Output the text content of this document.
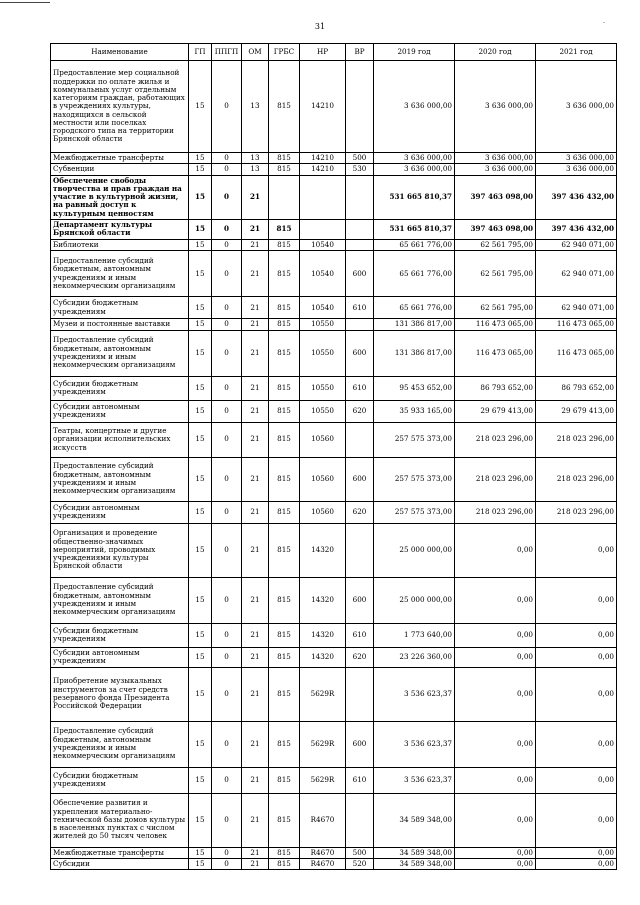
31
.
Наименование	ГП	ППГП	ОМ	ГРБС	НР	ВР	2019 год	2020 год	2021 год
Предоставление мер социальной поддержки по оплате жилья и коммунальных услуг отдельным категориям граждан, работающих в учреждениях культуры, находящихся в сельской местности или поселках городского типа на территории Брянской области	15	0	13	815	14210		3 636 000,00	3 636 000,00	3 636 000,00
Межбюджетные трансферты	15	0	13	815	14210	500	3 636 000,00	3 636 000,00	3 636 000,00
Субвенции	15	0	13	815	14210	530	3 636 000,00	3 636 000,00	3 636 000,00
Обеспечение свободы творчества и прав граждан на участие в культурной жизни, на равный доступ к культурным ценностям	15	0	21				531 665 810,37	397 463 098,00	397 436 432,00
Департамент культуры Брянской области	15	0	21	815			531 665 810,37	397 463 098,00	397 436 432,00
Библиотеки	15	0	21	815	10540		65 661 776,00	62 561 795,00	62 940 071,00
Предоставление субсидий бюджетным, автономным учреждениям и иным некоммерческим организациям	15	0	21	815	10540	600	65 661 776,00	62 561 795,00	62 940 071,00
Субсидии бюджетным учреждениям	15	0	21	815	10540	610	65 661 776,00	62 561 795,00	62 940 071,00
Музеи и постоянные выставки	15	0	21	815	10550		131 386 817,00	116 473 065,00	116 473 065,00
Предоставление субсидий бюджетным, автономным учреждениям и иным некоммерческим организациям	15	0	21	815	10550	600	131 386 817,00	116 473 065,00	116 473 065,00
Субсидии бюджетным учреждениям	15	0	21	815	10550	610	95 453 652,00	86 793 652,00	86 793 652,00
Субсидии автономным учреждениям	15	0	21	815	10550	620	35 933 165,00	29 679 413,00	29 679 413,00
Театры, концертные и другие организации исполнительских искусств	15	0	21	815	10560		257 575 373,00	218 023 296,00	218 023 296,00
Предоставление субсидий бюджетным, автономным учреждениям и иным некоммерческим организациям	15	0	21	815	10560	600	257 575 373,00	218 023 296,00	218 023 296,00
Субсидии автономным учреждениям	15	0	21	815	10560	620	257 575 373,00	218 023 296,00	218 023 296,00
Организация и проведение общественно-значимых мероприятий, проводимых учреждениями культуры Брянской области	15	0	21	815	14320		25 000 000,00	0,00	0,00
Предоставление субсидий бюджетным, автономным учреждениям и иным некоммерческим организациям	15	0	21	815	14320	600	25 000 000,00	0,00	0,00
Субсидии бюджетным учреждениям	15	0	21	815	14320	610	1 773 640,00	0,00	0,00
Субсидии автономным учреждениям	15	0	21	815	14320	620	23 226 360,00	0,00	0,00
Приобретение музыкальных инструментов за счет средств резервного фонда Президента Российской Федерации	15	0	21	815	5629R		3 536 623,37	0,00	0,00
Предоставление субсидий бюджетным, автономным учреждениям и иным некоммерческим организациям	15	0	21	815	5629R	600	3 536 623,37	0,00	0,00
Субсидии бюджетным учреждениям	15	0	21	815	5629R	610	3 536 623,37	0,00	0,00
Обеспечение развития и укрепления материально-технической базы домов культуры в населенных пунктах с числом жителей до 50 тысяч человек	15	0	21	815	R4670		34 589 348,00	0,00	0,00
Межбюджетные трансферты	15	0	21	815	R4670	500	34 589 348,00	0,00	0,00
Субсидии	15	0	21	815	R4670	520	34 589 348,00	0,00	0,00
